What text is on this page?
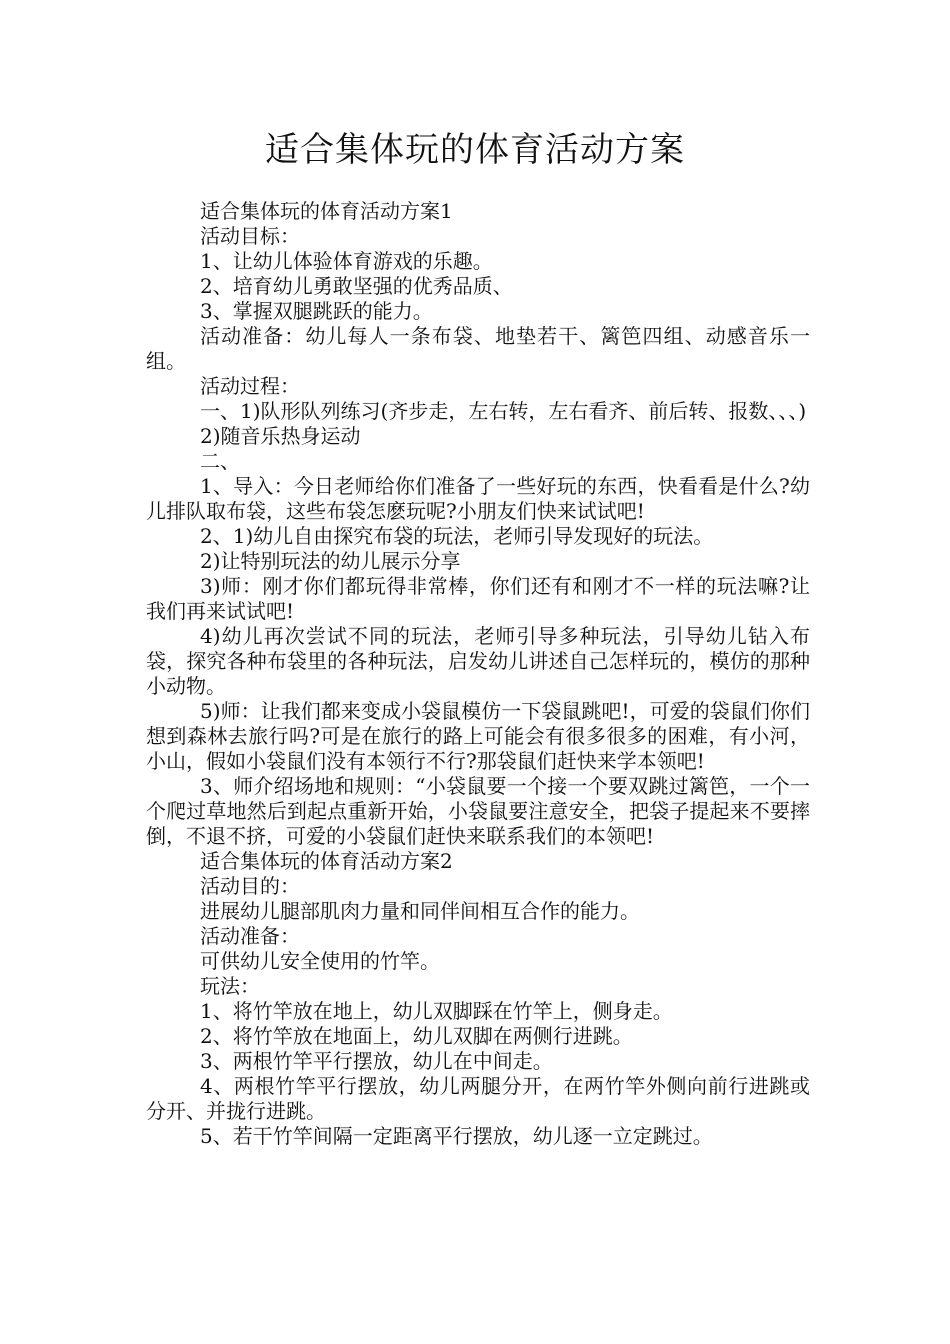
适合集体玩的体育活动方案

适合集体玩的体育活动方案1

活动目标：

1、让幼儿体验体育游戏的乐趣。

2、培育幼儿勇敢坚强的优秀品质、

3、掌握双腿跳跃的能力。

活动准备：幼儿每人一条布袋、地垫若干、篱笆四组、动感音乐一组。

活动过程：

一、1)队形队列练习(齐步走，左右转，左右看齐、前后转、报数、、、)

2)随音乐热身运动

二、

1、导入：今日老师给你们准备了一些好玩的东西，快看看是什么?幼儿排队取布袋，这些布袋怎麽玩呢?小朋友们快来试试吧!

2、1)幼儿自由探究布袋的玩法，老师引导发现好的玩法。

2)让特别玩法的幼儿展示分享

3)师：刚才你们都玩得非常棒，你们还有和刚才不一样的玩法嘛?让我们再来试试吧!

4)幼儿再次尝试不同的玩法，老师引导多种玩法，引导幼儿钻入布袋，探究各种布袋里的各种玩法，启发幼儿讲述自己怎样玩的，模仿的那种小动物。

5)师：让我们都来变成小袋鼠模仿一下袋鼠跳吧!，可爱的袋鼠们你们想到森林去旅行吗?可是在旅行的路上可能会有很多很多的困难，有小河，小山，假如小袋鼠们没有本领行不行?那袋鼠们赶快来学本领吧!

3、师介绍场地和规则：“小袋鼠要一个接一个要双跳过篱笆，一个一个爬过草地然后到起点重新开始，小袋鼠要注意安全，把袋子提起来不要摔倒，不退不挤，可爱的小袋鼠们赶快来联系我们的本领吧!

适合集体玩的体育活动方案2

活动目的：

进展幼儿腿部肌肉力量和同伴间相互合作的能力。

活动准备：

可供幼儿安全使用的竹竿。

玩法：

1、将竹竿放在地上，幼儿双脚踩在竹竿上，侧身走。

2、将竹竿放在地面上，幼儿双脚在两侧行进跳。

3、两根竹竿平行摆放，幼儿在中间走。

4、两根竹竿平行摆放，幼儿两腿分开，在两竹竿外侧向前行进跳或分开、并拢行进跳。

5、若干竹竿间隔一定距离平行摆放，幼儿逐一立定跳过。
